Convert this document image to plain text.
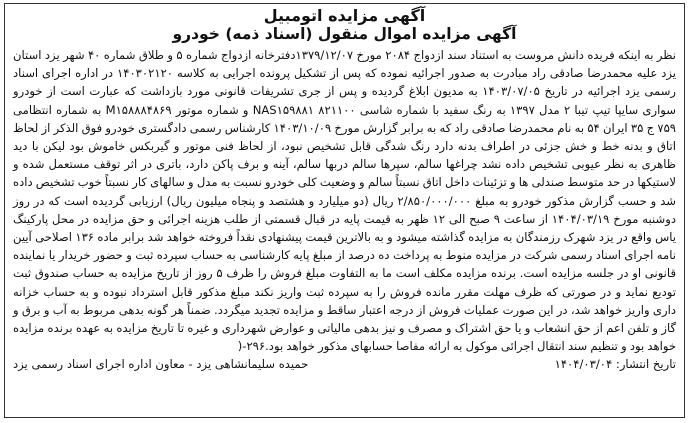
آگهی مزایده اتومبیل

آگهی مزایده اموال منقول (اسناد ذمه) خودرو

نظر به اینکه فریده دانش مروست به استناد سند ازدواج ۲۰۸۴ مورخ ۱۳۷۹/۱۲/۰۷دفترخانه ازدواج شماره ۵ و طلاق شماره ۴۰ شهر یزد استان یزد علیه محمدرضا صادقی راد مبادرت به صدور اجرائیه نموده که پس از تشکیل پرونده اجرایی به کلاسه ۱۴۰۳۰۲۱۲۰ در اداره اجرای اسناد رسمی یزد اجرائیه در تاریخ ۱۴۰۳/۰۷/۰۵ به مدیون ابلاغ گردیده و پس از جری تشریفات قانونی مورد بازداشت که عبارت است از خودرو سواری سایپا تیپ تیبا ۲ مدل ۱۳۹۷ به رنگ سفید با شماره شاسی NAS۱۵۹۸۸۱ ۸۲۱۱۰۰ و شماره موتور M۱۵۸۸۸۴۸۶۹ به شماره انتظامی ۷۵۹ ج ۳۵ ایران ۵۴ به نام محمدرضا صادقی راد که به برابر گزارش مورخ ۱۴۰۳/۱۰/۰۹ کارشناس رسمی دادگستری خودرو فوق الذکر از لحاظ اتاق و بدنه خط و خش جزئی در اطراف بدنه دارد رنگ شدگی قابل تشخیص نبود، از لحاظ فنی موتور و گیربکس خاموش بود لیکن با دید ظاهری به نظر عیوبی تشخیص داده نشد چراغها سالم، سپرها سالم دربها سالم، آینه و برف پاکن دارد، باتری در اثر توقف مستعمل شده و لاستیکها در حد متوسط صندلی ها و تزئینات داخل اتاق نسبتاً سالم و وضعیت کلی خودرو نسبت به مدل و سالهای کار نسبتاً خوب تشخیص داده شد و حسب گزارش مذکور خودرو به مبلغ ۲/۸۵۰/۰۰۰/۰۰۰ ریال (دو میلیارد و هشتصد و پنجاه میلیون ریال) ارزیابی گردیده است که در روز دوشنبه مورخ ۱۴۰۴/۰۳/۱۹ از ساعت ۹ صبح الی ۱۲ ظهر به قیمت پایه در قبال قسمتی از طلب هزینه اجرائی و حق مزایده در محل پارکینگ یاس واقع در یزد شهرک رزمندگان به مزایده گذاشته میشود و به بالاترین قیمت پیشنهادی نقداً فروخته خواهد شد برابر ماده ۱۳۶ اصلاحی آیین نامه اجرای اسناد رسمی شرکت در مزایده منوط به پرداخت ده درصد از مبلغ پایه کارشناسی به حساب سپرده ثبت و حضور خریدار یا نماینده قانونی او در جلسه مزایده است. برنده مزایده مکلف است ما به التفاوت مبلغ فروش را ظرف ۵ روز از تاریخ مزایده به حساب صندوق ثبت تودیع نماید و در صورتی که ظرف مهلت مقرر مانده فروش را به سپرده ثبت واریز نکند مبلغ مذکور قابل استرداد نبوده و به حساب خزانه داری واریز خواهد شد، در این صورت عملیات فروش از درجه اعتبار ساقط و مزایده تجدید میگردد. ضمناً هر گونه بدهی مربوط به آب و برق و گاز و تلفن اعم از حق انشعاب و یا حق اشتراک و مصرف و نیز بدهی مالیاتی و عوارض شهرداری و غیره تا تاریخ مزایده به عهده برنده مزایده خواهد بود و تنظیم سند انتقال اجرائی موکول به ارائه مفاصا حسابهای مذکور خواهد بود.۲۹۶-(

تاریخ انتشار: ۱۴۰۴/۰۳/۰۴
حمیده سلیمانشاهی یزد - معاون اداره اجرای اسناد رسمی یزد
